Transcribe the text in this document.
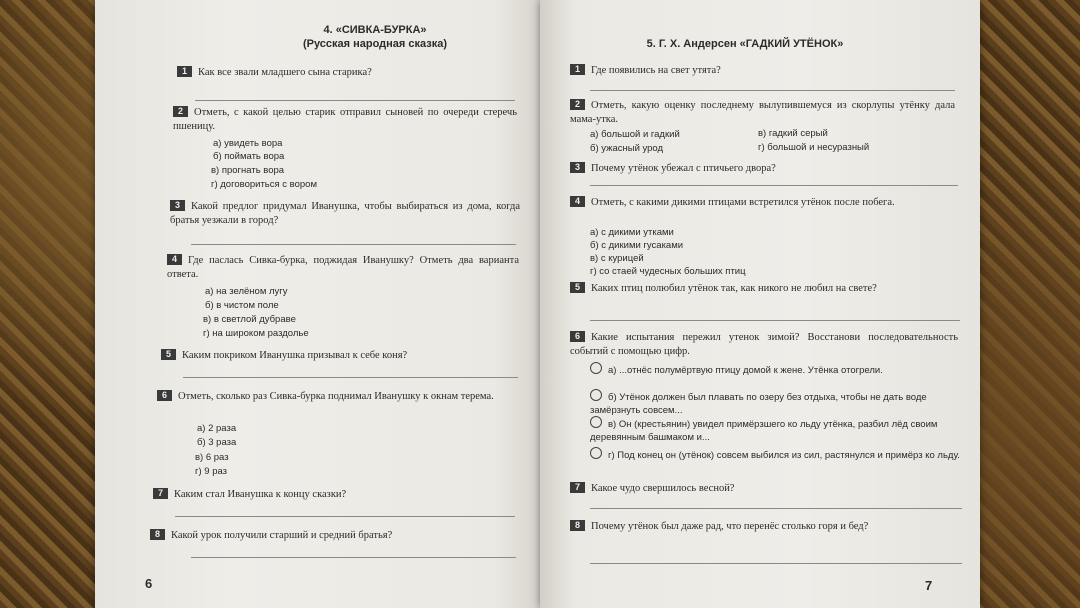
4. «СИВКА-БУРКА»
(Русская народная сказка)
1 Как все звали младшего сына старика?
2 Отметь, с какой целью старик отправил сыновей по очереди стеречь пшеницу.
а) увидеть вора
б) поймать вора
в) прогнать вора
г) договориться с вором
3 Какой предлог придумал Иванушка, чтобы выбираться из дома, когда братья уезжали в город?
4 Где паслась Сивка-бурка, поджидая Иванушку? Отметь два варианта ответа.
а) на зелёном лугу
б) в чистом поле
в) в светлой дубраве
г) на широком раздолье
5 Каким покриком Иванушка призывал к себе коня?
6 Отметь, сколько раз Сивка-бурка поднимал Иванушку к окнам терема.
а) 2 раза
б) 3 раза
в) 6 раз
г) 9 раз
7 Каким стал Иванушка к концу сказки?
8 Какой урок получили старший и средний братья?
6
5. Г. Х. Андерсен «ГАДКИЙ УТЁНОК»
1 Где появились на свет утята?
2 Отметь, какую оценку последнему вылупившемуся из скорлупы утёнку дала мама-утка.
а) большой и гадкий
б) ужасный урод
в) гадкий серый
г) большой и несуразный
3 Почему утёнок убежал с птичьего двора?
4 Отметь, с какими дикими птицами встретился утёнок после побега.
а) с дикими утками
б) с дикими гусаками
в) с курицей
г) со стаей чудесных больших птиц
5 Каких птиц полюбил утёнок так, как никого не любил на свете?
6 Какие испытания пережил утенок зимой? Восстанови последовательность событий с помощью цифр.
а) ...отнёс полумёртвую птицу домой к жене. Утёнка отогрели.
б) Утёнок должен был плавать по озеру без отдыха, чтобы не дать воде замёрзнуть совсем...
в) Он (крестьянин) увидел примёрзшего ко льду утёнка, разбил лёд своим деревянным башмаком и...
г) Под конец он (утёнок) совсем выбился из сил, растянулся и примёрз ко льду.
7 Какое чудо свершилось весной?
8 Почему утёнок был даже рад, что перенёс столько горя и бед?
7
